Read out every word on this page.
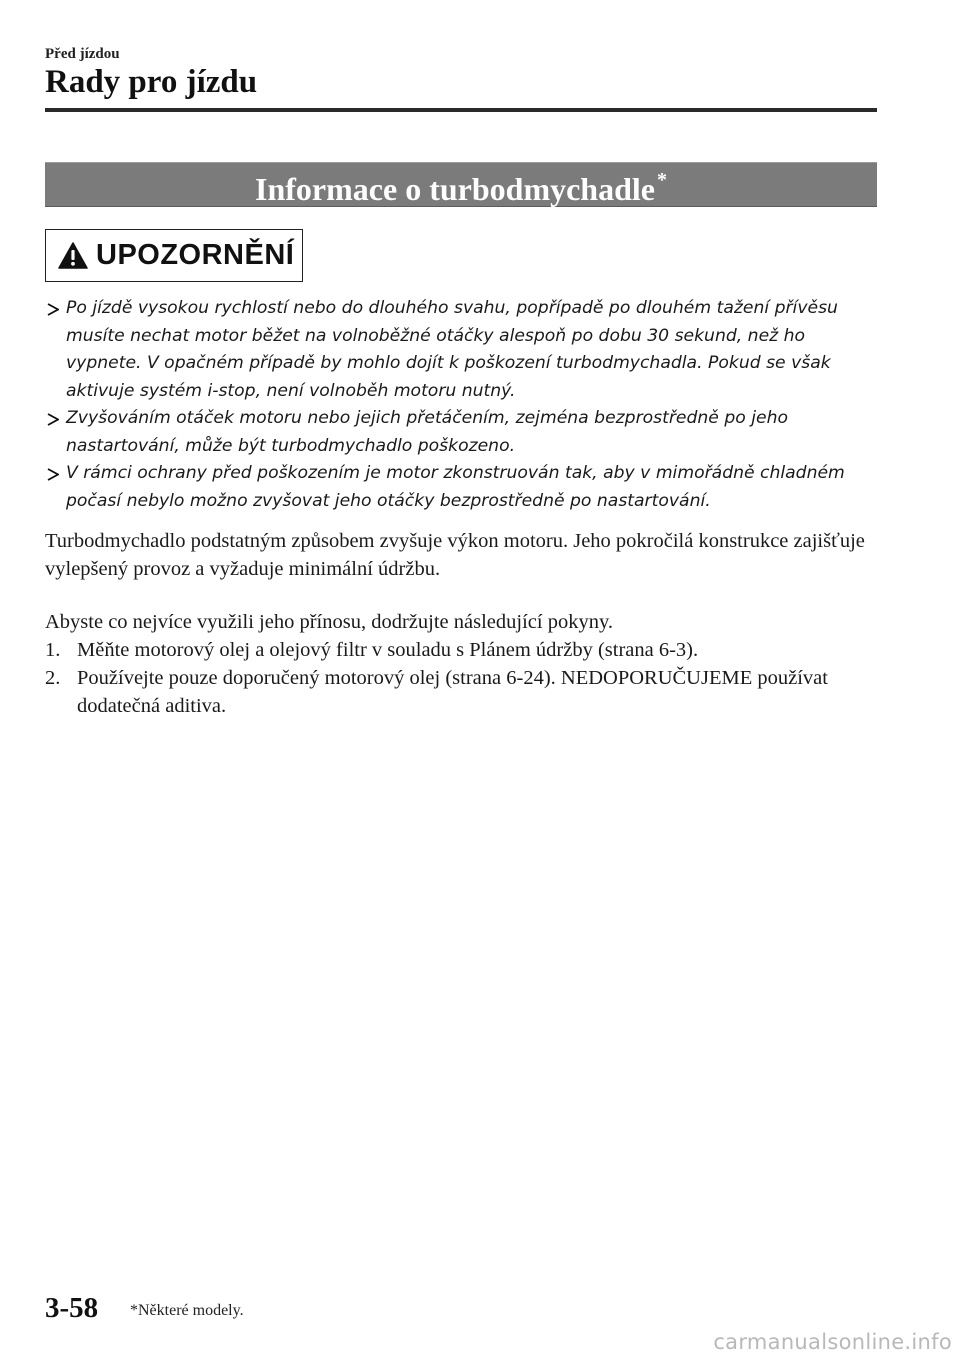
Před jízdou
Rady pro jízdu
Informace o turbodmychadle *
UPOZORNĚNÍ
Po jízdě vysokou rychlostí nebo do dlouhého svahu, popřípadě po dlouhém tažení přívěsu musíte nechat motor běžet na volnoběžné otáčky alespoň po dobu 30 sekund, než ho vypnete. V opačném případě by mohlo dojít k poškození turbodmychadla. Pokud se však aktivuje systém i-stop, není volnoběh motoru nutný.
Zvyšováním otáček motoru nebo jejich přetáčením, zejména bezprostředně po jeho nastartování, může být turbodmychadlo poškozeno.
V rámci ochrany před poškozením je motor zkonstruován tak, aby v mimořádně chladném počasí nebylo možno zvyšovat jeho otáčky bezprostředně po nastartování.

Turbodmychadlo podstatným způsobem zvyšuje výkon motoru. Jeho pokročilá konstrukce zajišťuje vylepšený provoz a vyžaduje minimální údržbu.

Abyste co nejvíce využili jeho přínosu, dodržujte následující pokyny.

1. Měňte motorový olej a olejový filtr v souladu s Plánem údržby (strana 6-3).
2. Používejte pouze doporučený motorový olej (strana 6-24). NEDOPORUČUJEME používat dodatečná aditiva.
3-58 *Některé modely.
carmanualsonline.info
